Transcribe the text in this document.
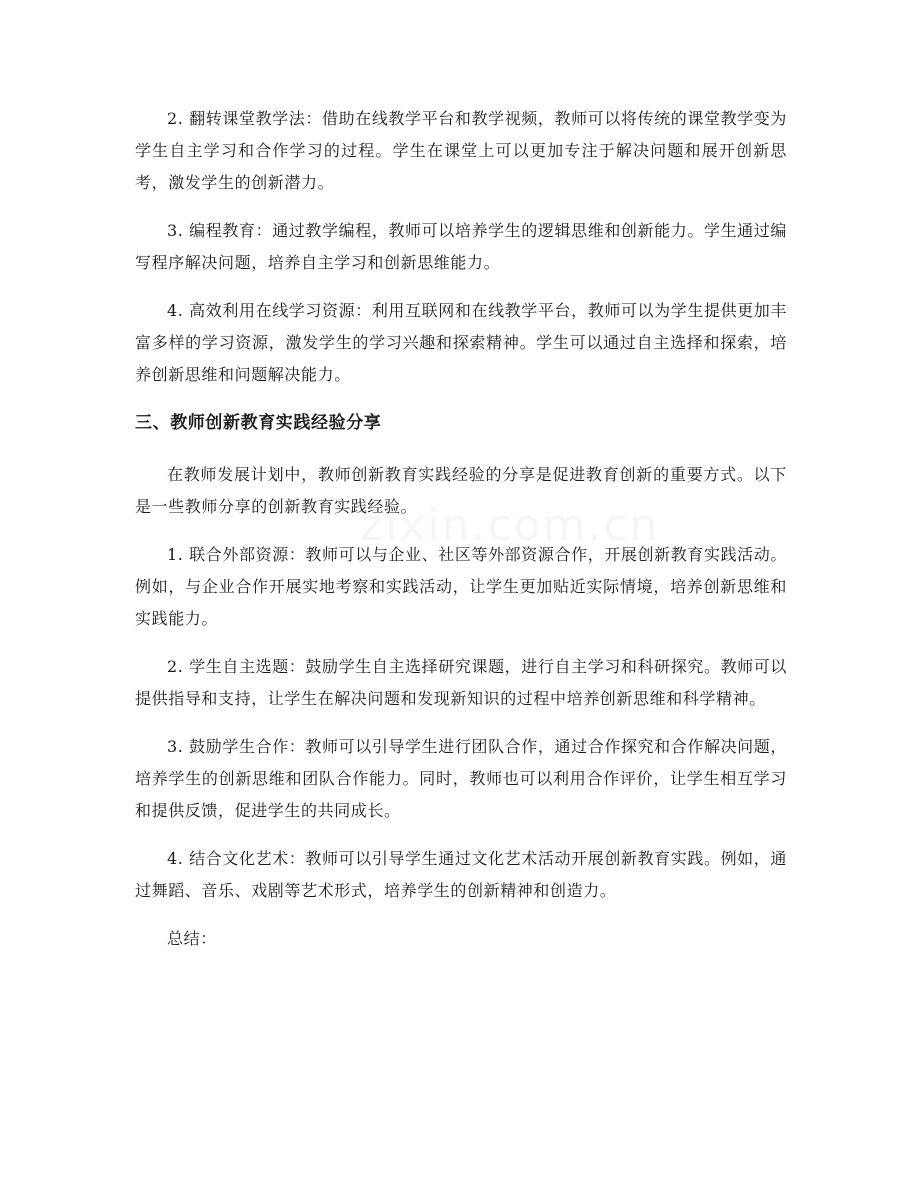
2. 翻转课堂教学法：借助在线教学平台和教学视频，教师可以将传统的课堂教学变为学生自主学习和合作学习的过程。学生在课堂上可以更加专注于解决问题和展开创新思考，激发学生的创新潜力。

3. 编程教育：通过教学编程，教师可以培养学生的逻辑思维和创新能力。学生通过编写程序解决问题，培养自主学习和创新思维能力。

4. 高效利用在线学习资源：利用互联网和在线教学平台，教师可以为学生提供更加丰富多样的学习资源，激发学生的学习兴趣和探索精神。学生可以通过自主选择和探索，培养创新思维和问题解决能力。

三、教师创新教育实践经验分享

在教师发展计划中，教师创新教育实践经验的分享是促进教育创新的重要方式。以下是一些教师分享的创新教育实践经验。

1. 联合外部资源：教师可以与企业、社区等外部资源合作，开展创新教育实践活动。例如，与企业合作开展实地考察和实践活动，让学生更加贴近实际情境，培养创新思维和实践能力。

2. 学生自主选题：鼓励学生自主选择研究课题，进行自主学习和科研探究。教师可以提供指导和支持，让学生在解决问题和发现新知识的过程中培养创新思维和科学精神。

3. 鼓励学生合作：教师可以引导学生进行团队合作，通过合作探究和合作解决问题，培养学生的创新思维和团队合作能力。同时，教师也可以利用合作评价，让学生相互学习和提供反馈，促进学生的共同成长。

4. 结合文化艺术：教师可以引导学生通过文化艺术活动开展创新教育实践。例如，通过舞蹈、音乐、戏剧等艺术形式，培养学生的创新精神和创造力。

总结：
